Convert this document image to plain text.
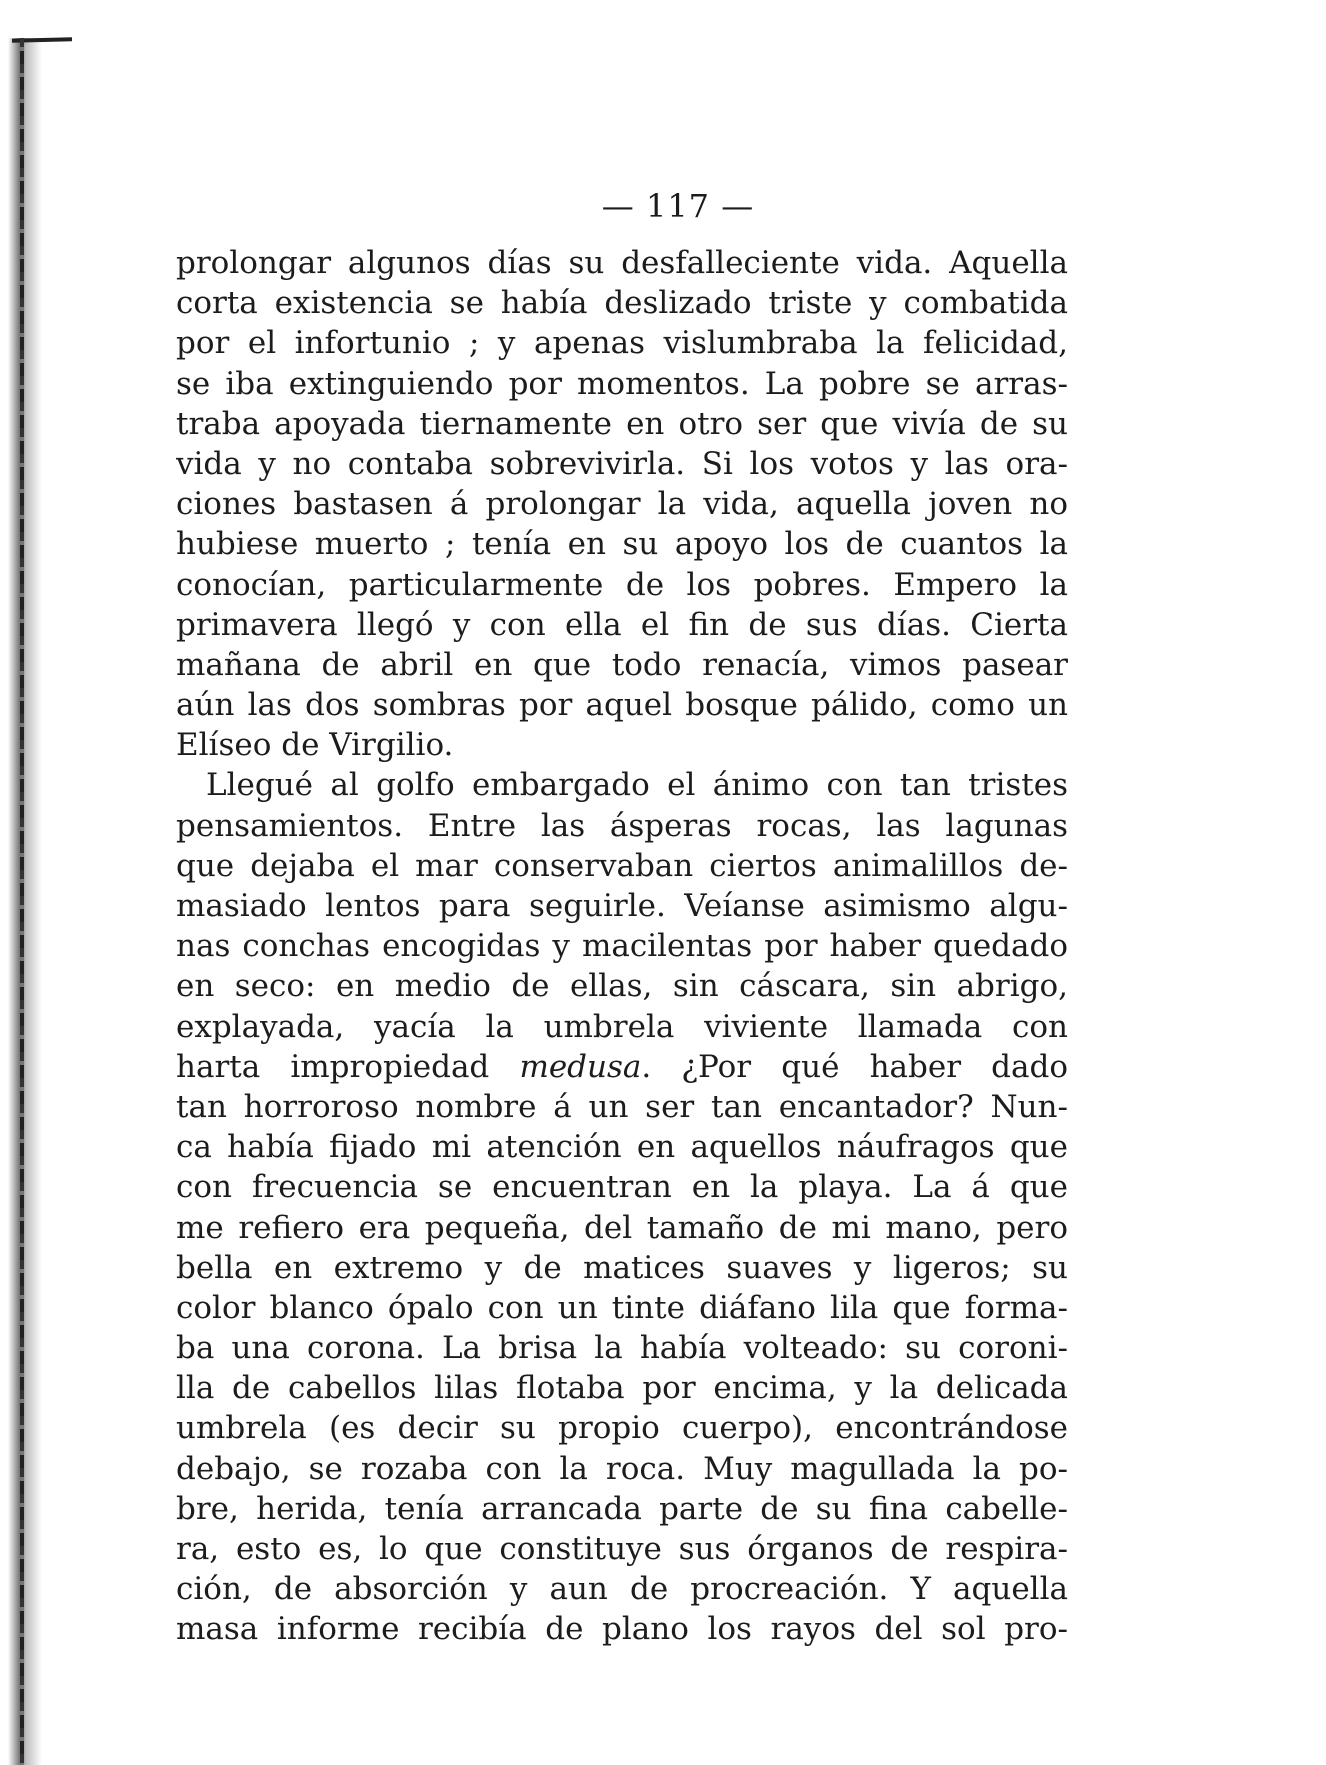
— 117 —
prolongar algunos días su desfalleciente vida. Aquella
corta existencia se había deslizado triste y combatida
por el infortunio ; y apenas vislumbraba la felicidad,
se iba extinguiendo por momentos. La pobre se arras-
traba apoyada tiernamente en otro ser que vivía de su
vida y no contaba sobrevivirla. Si los votos y las ora-
ciones bastasen á prolongar la vida, aquella joven no
hubiese muerto ; tenía en su apoyo los de cuantos la
conocían, particularmente de los pobres. Empero la
primavera llegó y con ella el fin de sus días. Cierta
mañana de abril en que todo renacía, vimos pasear
aún las dos sombras por aquel bosque pálido, como un
Elíseo de Virgilio.
Llegué al golfo embargado el ánimo con tan tristes
pensamientos. Entre las ásperas rocas, las lagunas
que dejaba el mar conservaban ciertos animalillos de-
masiado lentos para seguirle. Veíanse asimismo algu-
nas conchas encogidas y macilentas por haber quedado
en seco: en medio de ellas, sin cáscara, sin abrigo,
explayada, yacía la umbrela viviente llamada con
harta impropiedad medusa. ¿Por qué haber dado
tan horroroso nombre á un ser tan encantador? Nun-
ca había fijado mi atención en aquellos náufragos que
con frecuencia se encuentran en la playa. La á que
me refiero era pequeña, del tamaño de mi mano, pero
bella en extremo y de matices suaves y ligeros; su
color blanco ópalo con un tinte diáfano lila que forma-
ba una corona. La brisa la había volteado: su coroni-
lla de cabellos lilas flotaba por encima, y la delicada
umbrela (es decir su propio cuerpo), encontrándose
debajo, se rozaba con la roca. Muy magullada la po-
bre, herida, tenía arrancada parte de su fina cabelle-
ra, esto es, lo que constituye sus órganos de respira-
ción, de absorción y aun de procreación. Y aquella
masa informe recibía de plano los rayos del sol pro-
